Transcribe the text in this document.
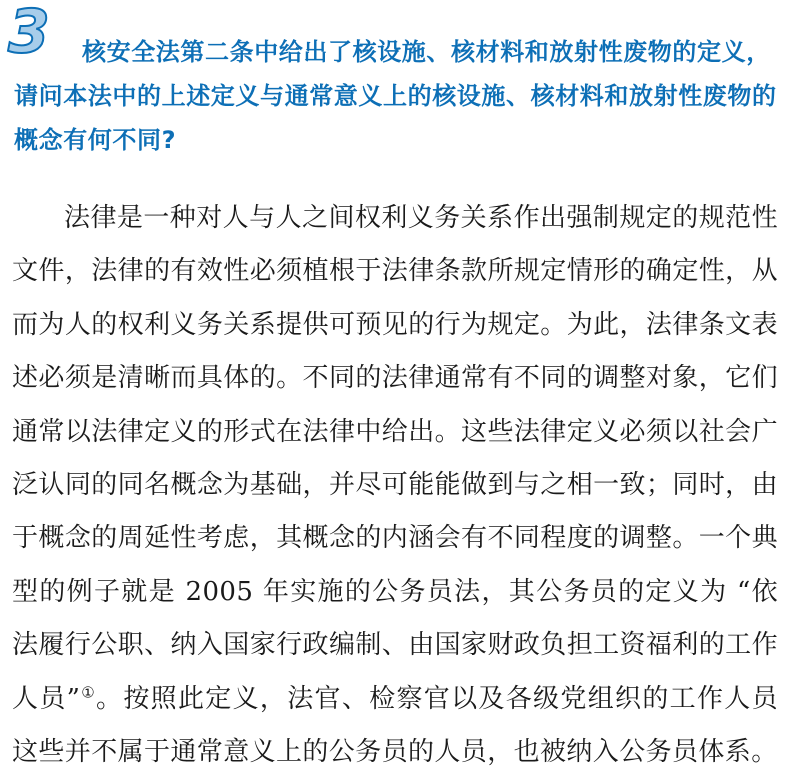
3	核安全法第二条中给出了核设施、核材料和放射性废物的定义，请问本法中的上述定义与通常意义上的核设施、核材料和放射性废物的概念有何不同?

法律是一种对人与人之间权利义务关系作出强制规定的规范性文件，法律的有效性必须植根于法律条款所规定情形的确定性，从而为人的权利义务关系提供可预见的行为规定。为此，法律条文表述必须是清晰而具体的。不同的法律通常有不同的调整对象，它们通常以法律定义的形式在法律中给出。这些法律定义必须以社会广泛认同的同名概念为基础，并尽可能能做到与之相一致；同时，由于概念的周延性考虑，其概念的内涵会有不同程度的调整。一个典型的例子就是 2005 年实施的公务员法，其公务员的定义为 “依法履行公职、纳入国家行政编制、由国家财政负担工资福利的工作人员”①。按照此定义，法官、检察官以及各级党组织的工作人员这些并不属于通常意义上的公务员的人员，也被纳入公务员体系。
